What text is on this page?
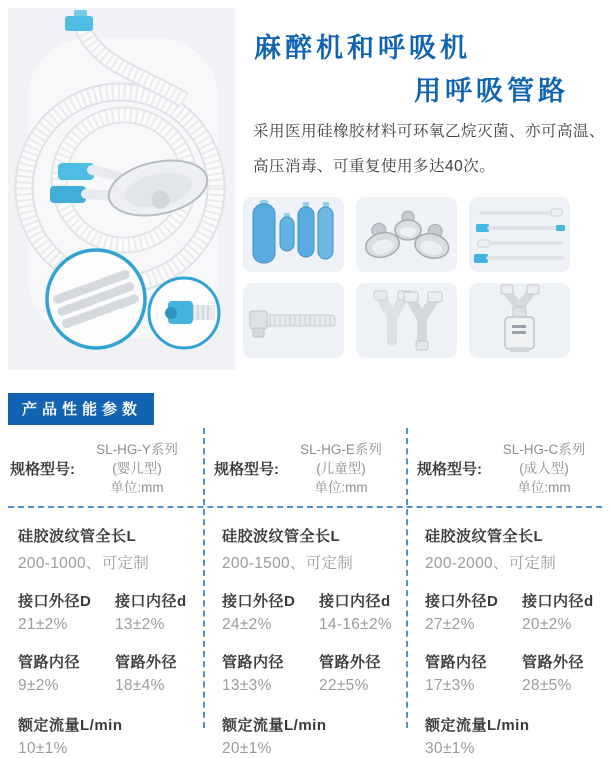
麻醉机和呼吸机
用呼吸管路
采用医用硅橡胶材料可环氧乙烷灭菌、亦可高温、
高压消毒、可重复使用多达40次。
产品性能参数
规格型号:
SL-HG-Y系列
(婴儿型)
单位:mm
硅胶波纹管全长L
200-1000、可定制
接口外径D
21±2%
接口内径d
13±2%
管路内径
9±2%
管路外径
18±4%
额定流量L/min
10±1%
规格型号:
SL-HG-E系列
(儿童型)
单位:mm
硅胶波纹管全长L
200-1500、可定制
接口外径D
24±2%
接口内径d
14-16±2%
管路内径
13±3%
管路外径
22±5%
额定流量L/min
20±1%
规格型号:
SL-HG-C系列
(成人型)
单位:mm
硅胶波纹管全长L
200-2000、可定制
接口外径D
27±2%
接口内径d
20±2%
管路内径
17±3%
管路外径
28±5%
额定流量L/min
30±1%
